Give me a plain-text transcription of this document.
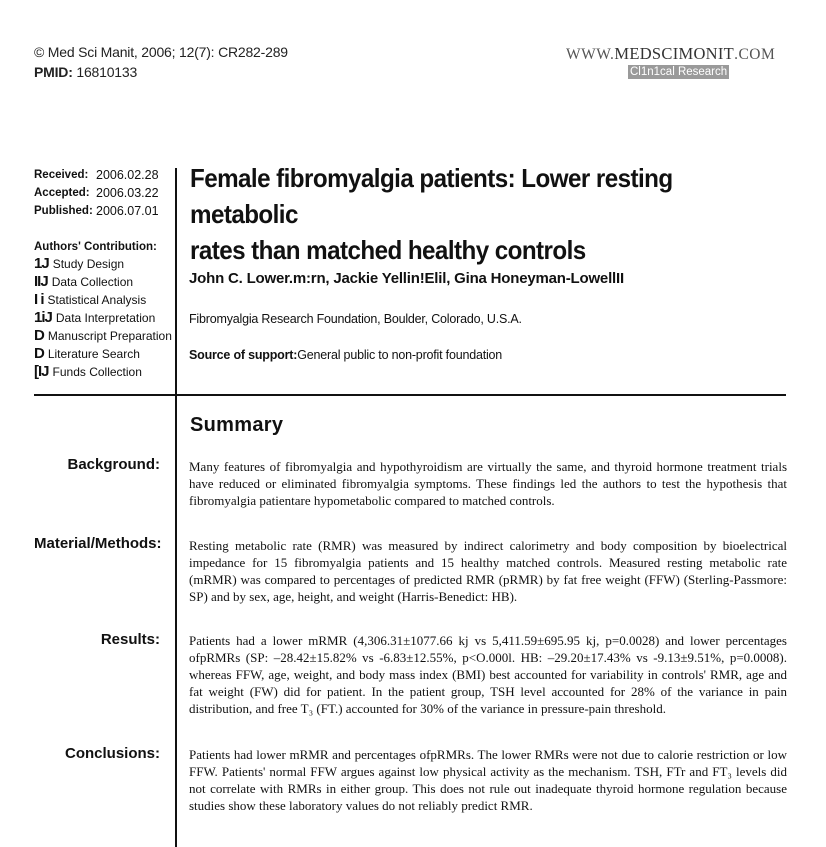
© Med Sci Manit, 2006; 12(7): CR282-289
PMID: 16810133
WWW.MEDSCIMONIT.COM
Cl1n1cal Research
Received: 2006.02.28
Accepted: 2006.03.22
Published: 2006.07.01
Authors' Contribution:
1J Study Design
IIJ Data Collection
I i Statistical Analysis
1iJ Data Interpretation
D Manuscript Preparation
D Literature Search
[IJ Funds Collection
Female fibromyalgia patients: Lower resting metabolic
rates than matched healthy controls
John C. Lower.m:rn, Jackie Yellin!Elil, Gina Honeyman-LowellII
Fibromyalgia Research Foundation, Boulder, Colorado, U.S.A.
Source of support:General public to non-profit foundation
Summary
Background: Many features of fibromyalgia and hypothyroidism are virtually the same, and thyroid hormone treatment trials have reduced or eliminated fibromyalgia symptoms. These findings led the authors to test the hypothesis that fibromyalgia patientare hypometabolic compared to matched controls.
Material/Methods: Resting metabolic rate (RMR) was measured by indirect calorimetry and body composition by bioelectrical impedance for 15 fibromyalgia patients and 15 healthy matched controls. Measured resting metabolic rate (mRMR) was compared to percentages of predicted RMR (pRMR) by fat free weight (FFW) (Sterling-Passmore: SP) and by sex, age, height, and weight (Harris-Benedict: HB).
Results: Patients had a lower mRMR (4,306.31±1077.66 kj vs 5,411.59±695.95 kj, p=0.0028) and lower percentages ofpRMRs (SP: –28.42±15.82% vs -6.83±12.55%, p<O.000l. HB: –29.20±17.43% vs -9.13±9.51%, p=0.0008). whereas FFW, age, weight, and body mass index (BMI) best accounted for variability in controls' RMR, age and fat weight (FW) did for patient. In the patient group, TSH level accounted for 28% of the variance in pain distribution, and free T₃ (FT.) accounted for 30% of the variance in pressure-pain threshold.
Conclusions: Patients had lower mRMR and percentages ofpRMRs. The lower RMRs were not due to calorie restriction or low FFW. Patients' normal FFW argues against low physical activity as the mechanism. TSH, FTr and FT₃ levels did not correlate with RMRs in either group. This does not rule out inadequate thyroid hormone regulation because studies show these laboratory values do not reliably predict RMR.
